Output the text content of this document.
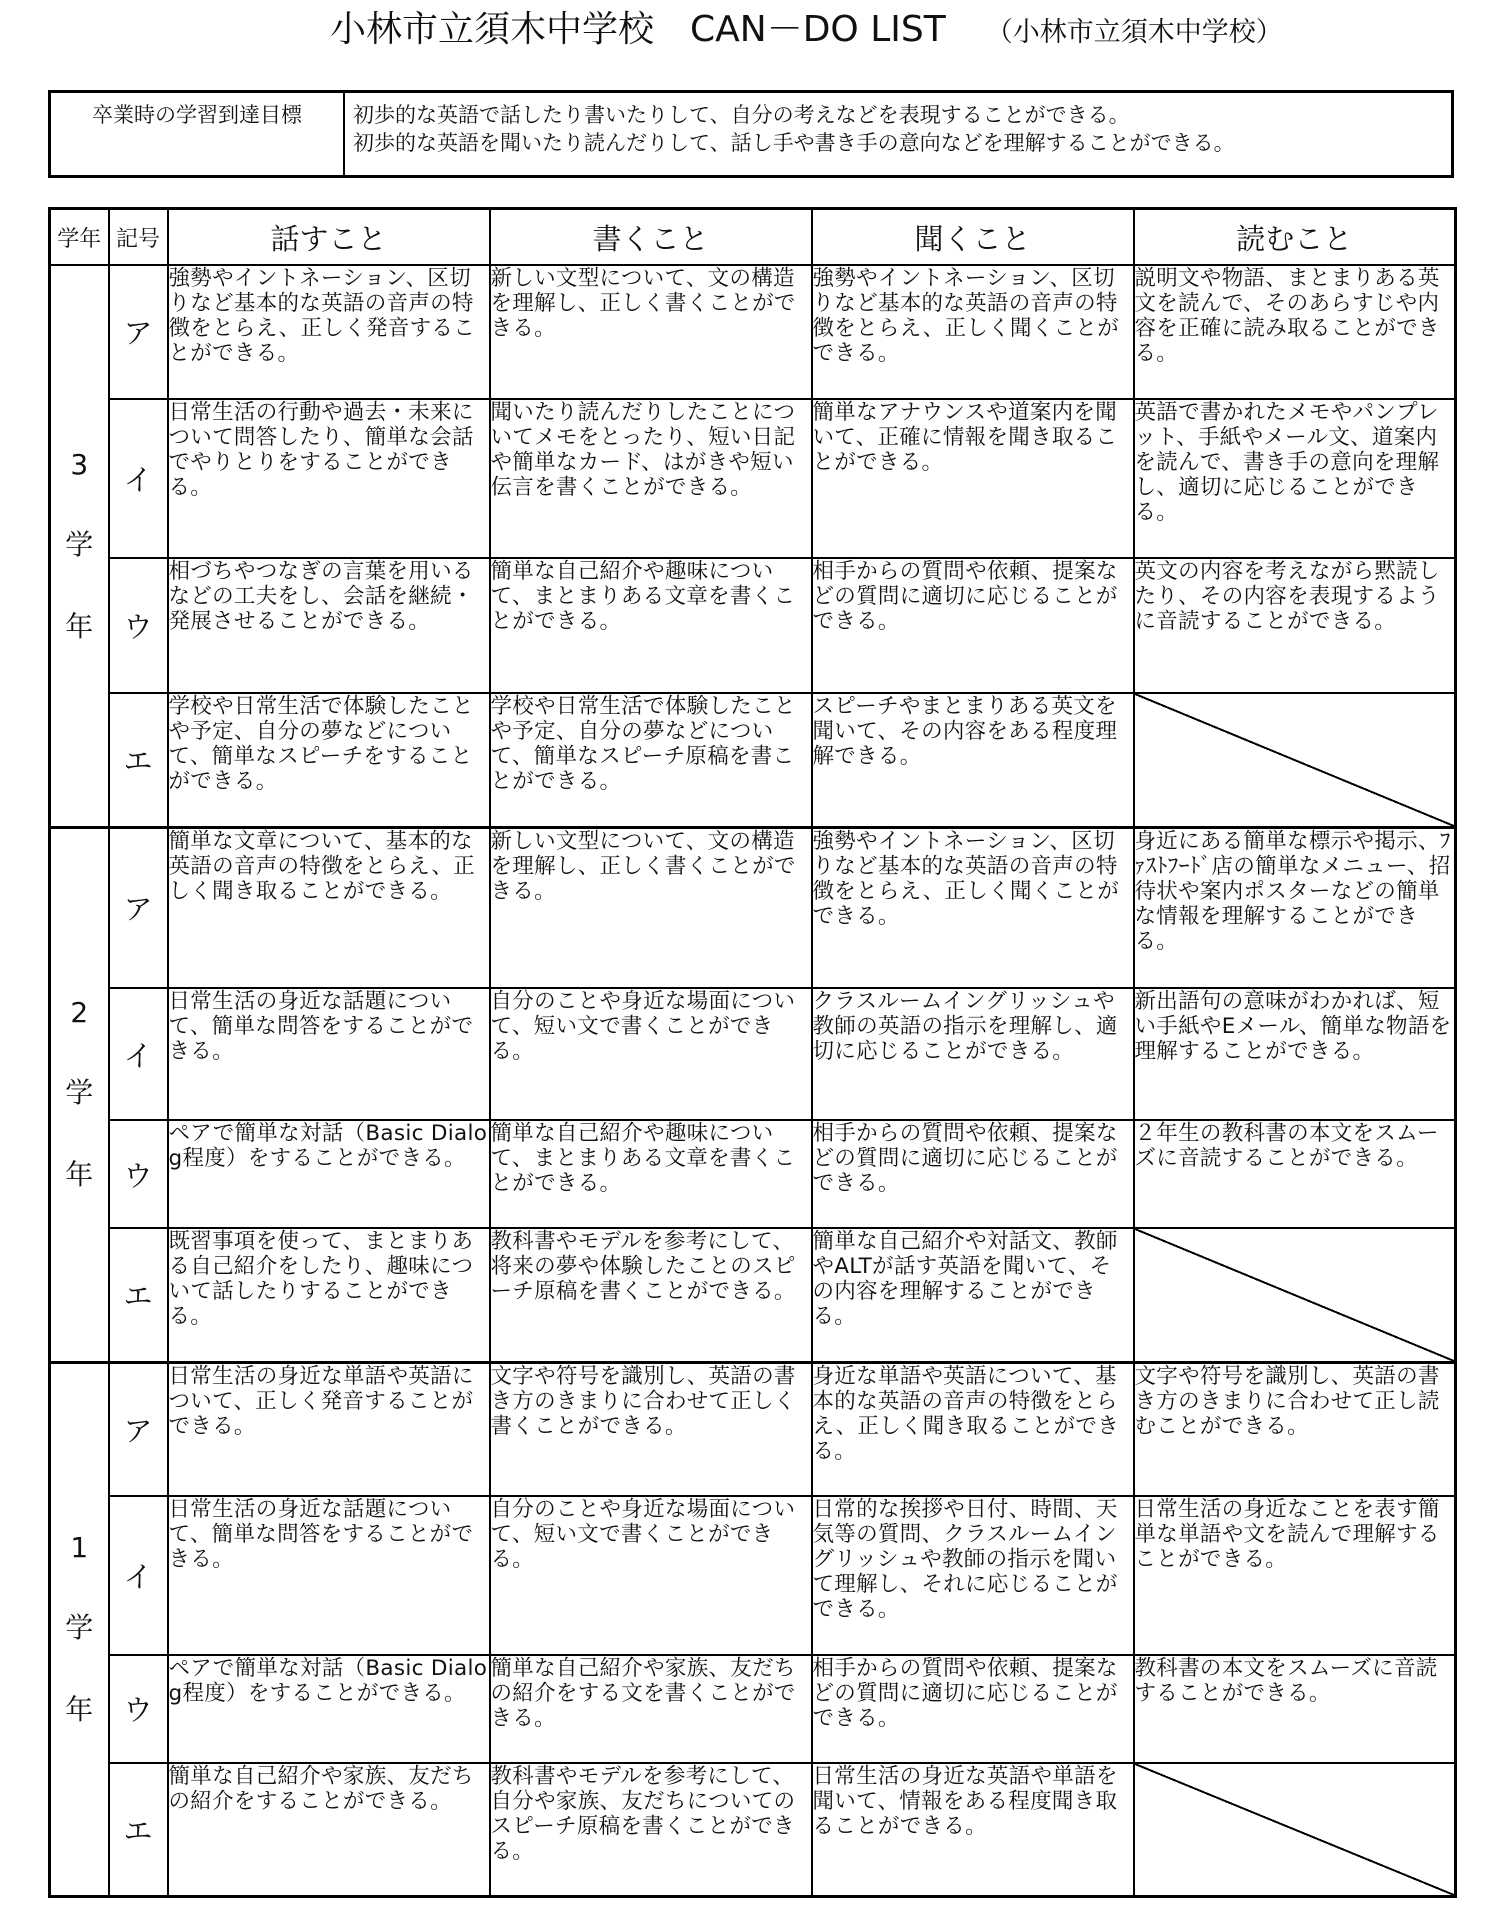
小林市立須木中学校　CAN－DO LIST （小林市立須木中学校）
卒業時の学習到達目標	初歩的な英語で話したり書いたりして、自分の考えなどを表現することができる。
初歩的な英語を聞いたり読んだりして、話し手や書き手の意向などを理解することができる。
学年	記号	話すこと	書くこと	聞くこと	読むこと

3
学
年	ア	強勢やイントネーション、区切りなど基本的な英語の音声の特徴をとらえ、正しく発音することができる。	新しい文型について、文の構造を理解し、正しく書くことができる。	強勢やイントネーション、区切りなど基本的な英語の音声の特徴をとらえ、正しく聞くことができる。	説明文や物語、まとまりある英文を読んで、そのあらすじや内容を正確に読み取ることができる。
	イ	日常生活の行動や過去・未来について問答したり、簡単な会話でやりとりをすることができる。	聞いたり読んだりしたことについてメモをとったり、短い日記や簡単なカード、はがきや短い伝言を書くことができる。	簡単なアナウンスや道案内を聞いて、正確に情報を聞き取ることができる。	英語で書かれたメモやパンプレット、手紙やメール文、道案内を読んで、書き手の意向を理解し、適切に応じることができる。
	ウ	相づちやつなぎの言葉を用いるなどの工夫をし、会話を継続・発展させることができる。	簡単な自己紹介や趣味について、まとまりある文章を書くことができる。	相手からの質問や依頼、提案などの質問に適切に応じることができる。	英文の内容を考えながら黙読したり、その内容を表現するように音読することができる。
	エ	学校や日常生活で体験したことや予定、自分の夢などについて、簡単なスピーチをすることができる。	学校や日常生活で体験したことや予定、自分の夢などについて、簡単なスピーチ原稿を書ことができる。	スピーチやまとまりある英文を聞いて、その内容をある程度理解できる。	

2
学
年	ア	簡単な文章について、基本的な英語の音声の特徴をとらえ、正しく聞き取ることができる。	新しい文型について、文の構造を理解し、正しく書くことができる。	強勢やイントネーション、区切りなど基本的な英語の音声の特徴をとらえ、正しく聞くことができる。	身近にある簡単な標示や掲示、ﾌｧｽﾄﾌｰﾄﾞ店の簡単なメニュー、招待状や案内ポスターなどの簡単な情報を理解することができる。
	イ	日常生活の身近な話題について、簡単な問答をすることができる。	自分のことや身近な場面について、短い文で書くことができる。	クラスルームイングリッシュや教師の英語の指示を理解し、適切に応じることができる。	新出語句の意味がわかれば、短い手紙やEメール、簡単な物語を理解することができる。
	ウ	ペアで簡単な対話（Basic Dialog程度）をすることができる。	簡単な自己紹介や趣味について、まとまりある文章を書くことができる。	相手からの質問や依頼、提案などの質問に適切に応じることができる。	２年生の教科書の本文をスムーズに音読することができる。
	エ	既習事項を使って、まとまりある自己紹介をしたり、趣味について話したりすることができる。	教科書やモデルを参考にして、将来の夢や体験したことのスピーチ原稿を書くことができる。	簡単な自己紹介や対話文、教師やALTが話す英語を聞いて、その内容を理解することができる。	

1
学
年	ア	日常生活の身近な単語や英語について、正しく発音することができる。	文字や符号を識別し、英語の書き方のきまりに合わせて正しく書くことができる。	身近な単語や英語について、基本的な英語の音声の特徴をとらえ、正しく聞き取ることができる。	文字や符号を識別し、英語の書き方のきまりに合わせて正し読むことができる。
	イ	日常生活の身近な話題について、簡単な問答をすることができる。	自分のことや身近な場面について、短い文で書くことができる。	日常的な挨拶や日付、時間、天気等の質問、クラスルームイングリッシュや教師の指示を聞いて理解し、それに応じることができる。	日常生活の身近なことを表す簡単な単語や文を読んで理解することができる。
	ウ	ペアで簡単な対話（Basic Dialog程度）をすることができる。	簡単な自己紹介や家族、友だちの紹介をする文を書くことができる。	相手からの質問や依頼、提案などの質問に適切に応じることができる。	教科書の本文をスムーズに音読することができる。
	エ	簡単な自己紹介や家族、友だちの紹介をすることができる。	教科書やモデルを参考にして、自分や家族、友だちについてのスピーチ原稿を書くことができる。	日常生活の身近な英語や単語を聞いて、情報をある程度聞き取ることができる。	
